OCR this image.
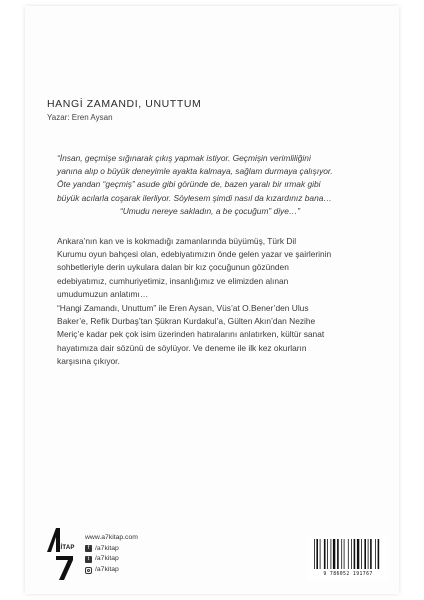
HANGİ ZAMANDI, UNUTTUM
Yazar: Eren Aysan
“İnsan, geçmişe sığınarak çıkış yapmak istiyor. Geçmişin verimliliğini
yanına alıp o büyük deneyimle ayakta kalmaya, sağlam durmaya çalışıyor.
Öte yandan “geçmiş” asude gibi göründe de, bazen yaralı bir ırmak gibi
büyük acılarla coşarak ilerliyor. Söylesem şimdi nasıl da kızardınız bana…
“Umudu nereye sakladın, a be çocuğum” diye…”
Ankara’nın kan ve is kokmadığı zamanlarında büyümüş, Türk Dil
Kurumu oyun bahçesi olan, edebiyatımızın önde gelen yazar ve şairlerinin
sohbetleriyle derin uykulara dalan bir kız çocuğunun gözünden
edebiyatımız, cumhuriyetimiz, insanlığımız ve elimizden alınan
umudumuzun anlatımı…
“Hangi Zamandı, Unuttum” ile Eren Aysan, Vüs’at O.Bener’den Ulus
Baker’e, Refik Durbaş’tan Şükran Kurdakul’a, Gülten Akın’dan Nezihe
Meriç’e kadar pek çok isim üzerinden hatıralarını anlatırken, kültür sanat
hayatımıza dair sözünü de söylüyor. Ve deneme ile ilk kez okurların
karşısına çıkıyor.
KİTAP
www.a7kitap.com
f /a7kitap
t /a7kitap
/a7kitap
9 786052 191767
